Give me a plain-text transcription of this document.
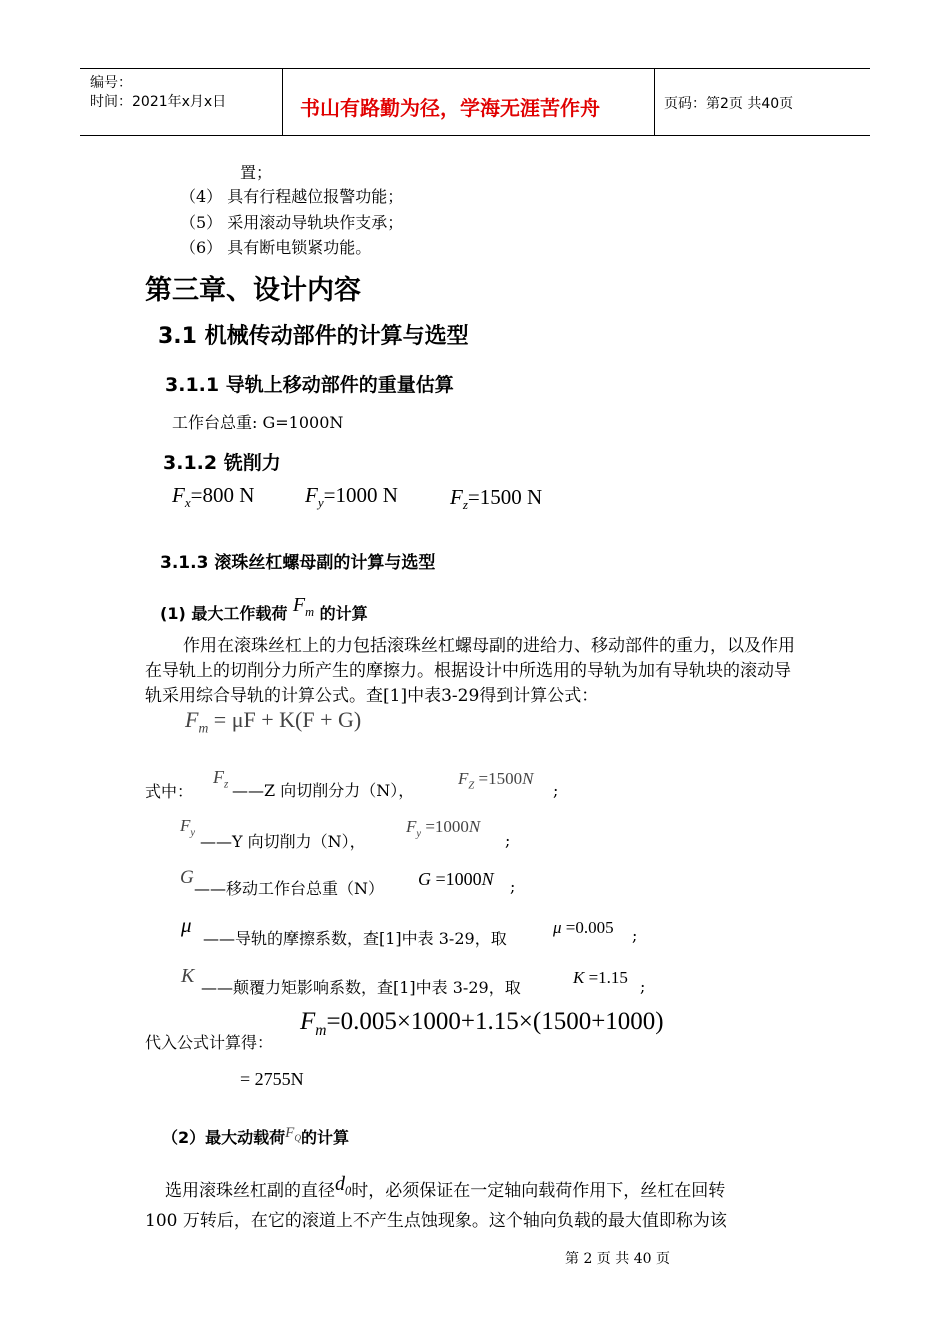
编号：
时间：2021年x月x日	书山有路勤为径，学海无涯苦作舟	页码：第2页 共40页
置；
（4） 具有行程越位报警功能；
（5） 采用滚动导轨块作支承；
（6） 具有断电锁紧功能。
第三章、设计内容
3.1 机械传动部件的计算与选型
3.1.1 导轨上移动部件的重量估算
工作台总重: G=1000N
3.1.2 铣削力
$F_x=800$ N $F_y=1000$ N $F_z=1500$ N
3.1.3 滚珠丝杠螺母副的计算与选型
(1) 最大工作载荷 $F_m$ 的计算
作用在滚珠丝杠上的力包括滚珠丝杠螺母副的进给力、移动部件的重力，以及作用在导轨上的切削分力所产生的摩擦力。根据设计中所选用的导轨为加有导轨块的滚动导轨采用综合导轨的计算公式。查[1]中表3-29得到计算公式：
$F_m = \mu F + K(F + G)$
式中：
$F_z$ ——Z 向切削分力（N），
$F_Z =1500N$
;
$F_y$ ——Y 向切削力（N），
$F_y =1000N$
;
G
——移动工作台总重（N） G =1000N ;
μ
——导轨的摩擦系数，查[1]中表 3-29，取
μ =0.005 ;
K
——颠覆力矩影响系数，查[1]中表 3-29，取
K =1.15 ;
代入公式计算得：
$F_m=0.005\times 1000+1.15\times(1500+1000)$
= 2755N
（2）最大动载荷$F_Q$的计算
选用滚珠丝杠副的直径$d_0$时，必须保证在一定轴向载荷作用下，丝杠在回转
100 万转后，在它的滚道上不产生点蚀现象。这个轴向负载的最大值即称为该
第 2 页 共 40 页
